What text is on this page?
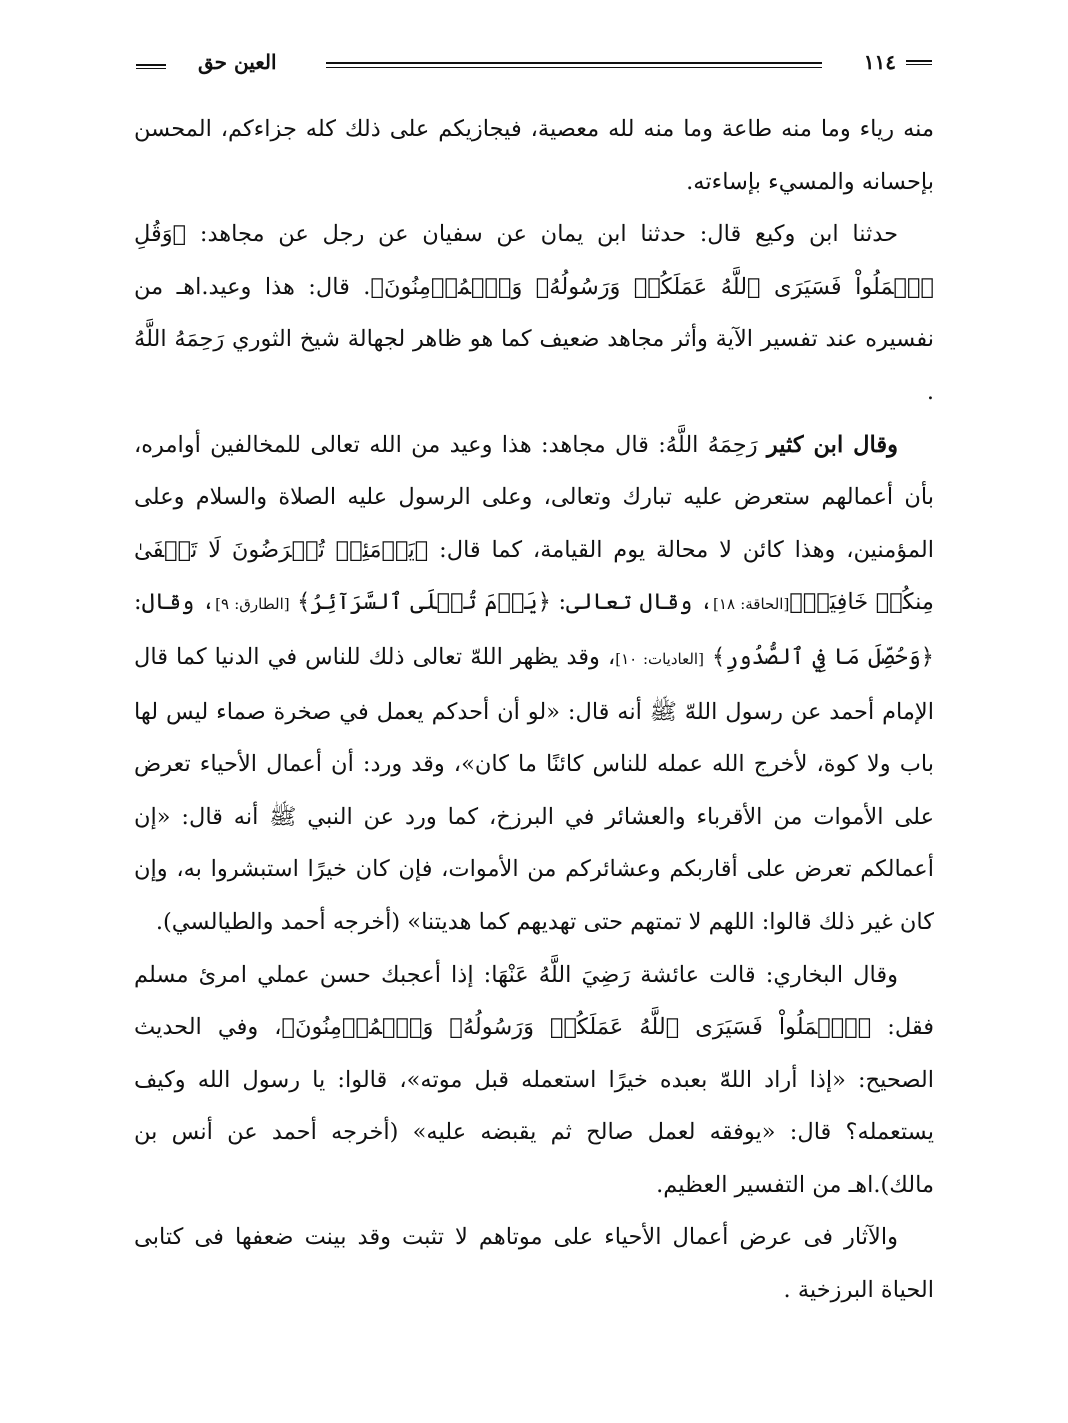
١١٤
العين حق

منه رياء وما منه طاعة وما منه لله معصية، فيجازيكم على ذلك كله جزاءكم، المحسن بإحسانه والمسيء بإساءته.

حدثنا ابن وكيع قال: حدثنا ابن يمان عن سفيان عن رجل عن مجاهد: ﴿وَقُلِ ٱعۡمَلُواْ فَسَيَرَى ٱللَّهُ عَمَلَكُمۡ وَرَسُولُهُۥ وَٱلۡمُؤۡمِنُونَ﴾. قال: هذا وعيد.اهـ من نفسيره عند تفسير الآية وأثر مجاهد ضعيف كما هو ظاهر لجهالة شيخ الثوري رَحِمَهُ اللَّهُ .

وقال ابن كثير رَحِمَهُ اللَّهُ: قال مجاهد: هذا وعيد من الله تعالى للمخالفين أوامره، بأن أعمالهم ستعرض عليه تبارك وتعالى، وعلى الرسول عليه الصلاة والسلام وعلى المؤمنين، وهذا كائن لا محالة يوم القيامة، كما قال: ﴿يَوۡمَئِذٖ تُعۡرَضُونَ لَا تَخۡفَىٰ مِنكُمۡ خَافِيَةٞ﴾[الحاقة: ١٨]، وقال تعالى: ﴿يَوۡمَ تُبۡلَى ٱلسَّرَآئِرُ﴾ [الطارق: ٩]، وقال: ﴿وَحُصِّلَ مَا فِي ٱلصُّدُورِ﴾ [العاديات: ١٠]، وقد يظهر اللهّ تعالى ذلك للناس في الدنيا كما قال الإمام أحمد عن رسول اللهّ ﷺ أنه قال: «لو أن أحدكم يعمل في صخرة صماء ليس لها باب ولا كوة، لأخرج الله عمله للناس كائنًا ما كان»، وقد ورد: أن أعمال الأحياء تعرض على الأموات من الأقرباء والعشائر في البرزخ، كما ورد عن النبي ﷺ أنه قال: «إن أعمالكم تعرض على أقاربكم وعشائركم من الأموات، فإن كان خيرًا استبشروا به، وإن كان غير ذلك قالوا: اللهم لا تمتهم حتى تهديهم كما هديتنا» (أخرجه أحمد والطيالسي).

وقال البخاري: قالت عائشة رَضِيَ اللَّهُ عَنْهَا: إذا أعجبك حسن عملي امرئ مسلم فقل: ﴿ٱعۡمَلُواْ فَسَيَرَى ٱللَّهُ عَمَلَكُمۡ وَرَسُولُهُۥ وَٱلۡمُؤۡمِنُونَ﴾، وفي الحديث الصحيح: «إذا أراد اللهّ بعبده خيرًا استعمله قبل موته»، قالوا: يا رسول الله وكيف يستعمله؟ قال: «يوفقه لعمل صالح ثم يقبضه عليه» (أخرجه أحمد عن أنس بن مالك).اهـ من التفسير العظيم.

والآثار فى عرض أعمال الأحياء على موتاهم لا تثبت وقد بينت ضعفها فى كتابى الحياة البرزخية .
